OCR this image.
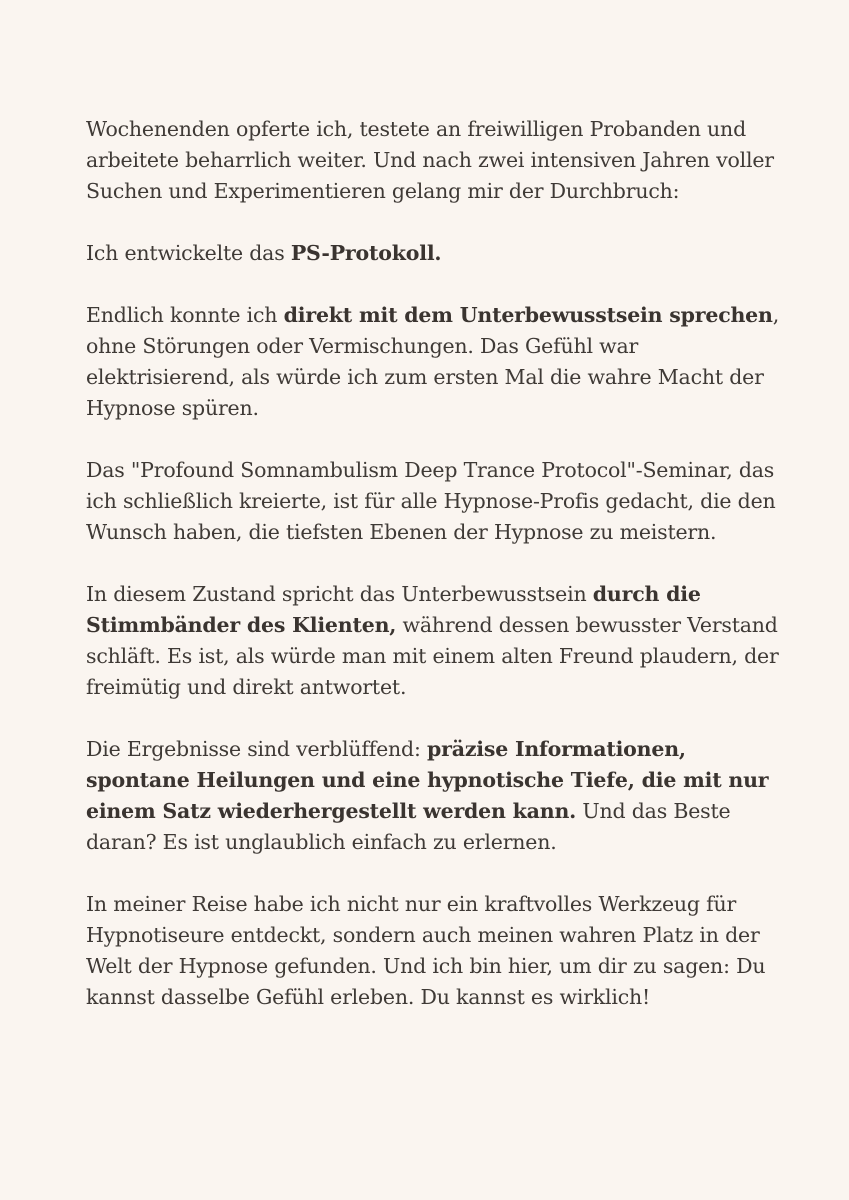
Wochenenden opferte ich, testete an freiwilligen Probanden und arbeitete beharrlich weiter. Und nach zwei intensiven Jahren voller Suchen und Experimentieren gelang mir der Durchbruch:

Ich entwickelte das PS-Protokoll.

Endlich konnte ich direkt mit dem Unterbewusstsein sprechen, ohne Störungen oder Vermischungen. Das Gefühl war elektrisierend, als würde ich zum ersten Mal die wahre Macht der Hypnose spüren.

Das "Profound Somnambulism Deep Trance Protocol"-Seminar, das ich schließlich kreierte, ist für alle Hypnose-Profis gedacht, die den Wunsch haben, die tiefsten Ebenen der Hypnose zu meistern.

In diesem Zustand spricht das Unterbewusstsein durch die Stimmbänder des Klienten, während dessen bewusster Verstand schläft. Es ist, als würde man mit einem alten Freund plaudern, der freimütig und direkt antwortet.

Die Ergebnisse sind verblüffend: präzise Informationen, spontane Heilungen und eine hypnotische Tiefe, die mit nur einem Satz wiederhergestellt werden kann. Und das Beste daran? Es ist unglaublich einfach zu erlernen.

In meiner Reise habe ich nicht nur ein kraftvolles Werkzeug für Hypnotiseure entdeckt, sondern auch meinen wahren Platz in der Welt der Hypnose gefunden. Und ich bin hier, um dir zu sagen: Du kannst dasselbe Gefühl erleben. Du kannst es wirklich!
